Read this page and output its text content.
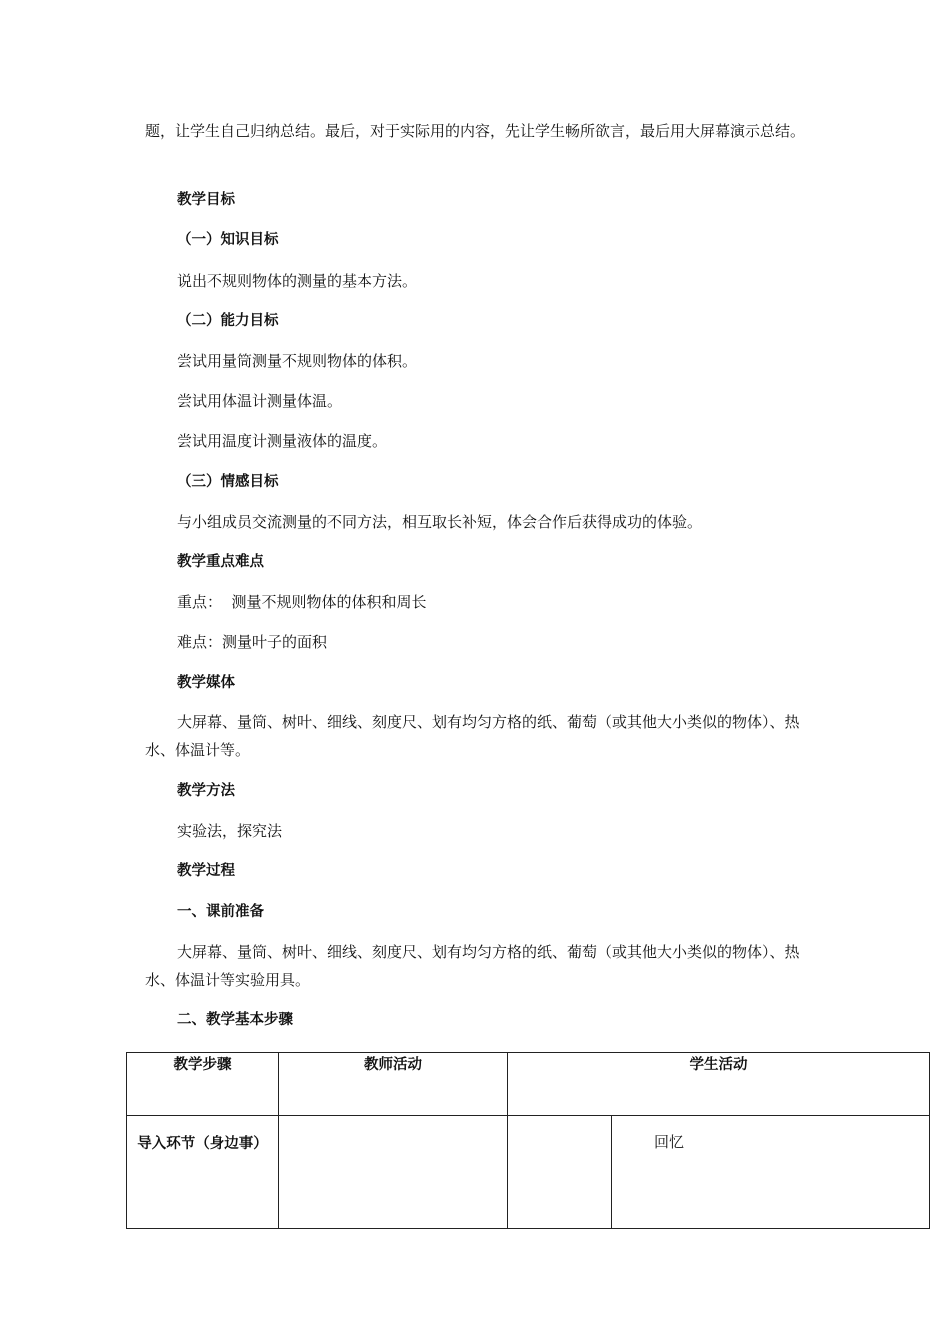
题，让学生自己归纳总结。最后，对于实际用的内容，先让学生畅所欲言，最后用大屏幕演示总结。

教学目标

（一）知识目标

说出不规则物体的测量的基本方法。

（二）能力目标

尝试用量筒测量不规则物体的体积。

尝试用体温计测量体温。

尝试用温度计测量液体的温度。

（三）情感目标

与小组成员交流测量的不同方法，相互取长补短，体会合作后获得成功的体验。

教学重点难点

重点：  测量不规则物体的体积和周长

难点：测量叶子的面积

教学媒体

大屏幕、量筒、树叶、细线、刻度尺、划有均匀方格的纸、葡萄（或其他大小类似的物体）、热水、体温计等。

教学方法

实验法，探究法

教学过程

一、课前准备

大屏幕、量筒、树叶、细线、刻度尺、划有均匀方格的纸、葡萄（或其他大小类似的物体）、热水、体温计等实验用具。

二、教学基本步骤

教学步骤	教师活动	学生活动	
导入环节（身边事）			回忆
